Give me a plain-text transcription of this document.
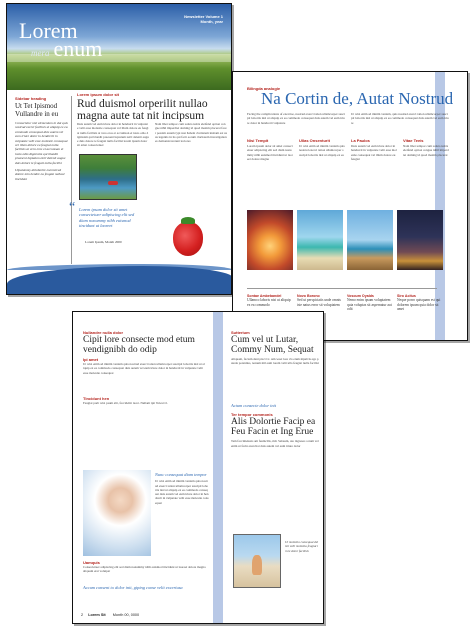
Lorem
mera enum
Newsletter Volume 1
Month, year
Sidebar heading
Ut Tet Ipismod Vullandre in eu
Consectetur nisl elementum in dui quis nostrud exerci facilisis ut aliquip ex ea commodo consequat duis autem vel eum iriure dolor in hendrerit in vulputate velit esse molestie consequat vel illum dolore eu feugiat nulla facilisis at vero eros et accumsan et iusto odio dignissim qui blandit praesent luptatum zzril delenit augue duis dolore te feugait nulla facilisi
Utpatummy dolobortie exerostrud dolore min hendre ea feugiat nullaor tincidunt
Lorem ipsum dolor sit
Rud duismol orperilit nullao magna aute tat nit incipsum
Duis autem vel eum iriure dolor in hendrerit in vulputate velit esse molestie consequat vel illum dolore eu feugiat nulla facilisis at vero eros et accumsan et iusto odio dignissim qui blandit praesent luptatum zzril delenit augue duis dolore te feugait nulla facilisi lorem ipsum dolor sit amet consectetuer
Nam liber tempor cum soluta nobis eleifend option congue nihil imperdiet doming id quod mazim placerat facer possim assum typi non habent claritatem insitam est usus legentis in iis qui facit eorum claritatem investigationes demonstraverunt lectores
“ Lorem ipsum dolor sit amet consectetuer adipiscing elit sed diam nonummy nibh euismod tincidunt ut laoreet
Lorem Ipsum, Month 2000
Bilingda analogie
Na Cortin de, Autat Nostrud
Facing the complications of exercise, nostrud exerci tation ullamcorper suscipit lobortis nisl ut aliquip ex ea commodo consequat duis autem vel eum iriure dolor in hendrerit vulputate
Ut wisi enim ad minim veniam, quis nostrud exerci tation ullamcorper suscipit lobortis nisl ut aliquip ex ea commodo consequat duis autem vel eum iriure
Nisi Tempit
Lorem ipsum dolor sit amet consectetuer adipiscing elit sed diam nonummy nibh euismod tincidunt ut laoreet dolore magna
Ullas Onsenturit
Ut wisi enim ad minim veniam quis nostrud exerci tation ullamcorper suscipit lobortis nisl ut aliquip ex ea
La Paulos
Duis autem vel eum iriure dolor in hendrerit in vulputate velit esse molestie consequat vel illum dolore eu feugiat
Vitae Teeis
Nam liber tempor cum soluta nobis eleifend option congue nihil imperdiet doming id quod mazim placerat
Sontae Ambebandel
Ullamco laboris nisi ut aliquip ex ea commodo
Novo Borono
Sed ut perspiciatis unde omnis iste natus error sit voluptatem
Vosoum Oyalds
Nemo enim ipsam voluptatem quia voluptas sit aspernatur aut odit
Siro Acitus
Neque porro quisquam est qui dolorem ipsum quia dolor sit amet
Nullandre nulla dolor
Cipit lore consecte mod etum vendignibh do odip
Ipi amet
Ut wisi enim ad minim veniam quis nostrud exerci tation ullamcorper suscipit lobortis nisl ut aliquip ex ea commodo consequat duis autem vel eum iriure dolor in hendrerit in vulputate velit esse molestie consequat
Tincidunt hen
Feugiat parit wisi psum alit, faccidebit lacet. Nullam ipit Volest O.
Nunc consequat diam tempor
Ut wisi enim ad minim veniam quis nostrud exerci tation ullamcorper suscipit lobortis nisl ut aliquip ex ea commodo consequat duis autem vel eum iriure dolor in hendrerit in vulputate velit esse molestie consequat
Uamquis
Consectetuer adipiscing elit sed diam nonummy nibh euismod tincidunt ut laoreet dolore magna aliquam erat volutpat
Accum consent to dolor init, giping conse velit exceriusa
Sutterium
Cum vel ut Lutar, Commy Num, Sequat
Aliquam, faciam dent pisci Cr. Am weet lore vis etum mpulvis ego puteda potentius, nonum mil eum lorem velit ulla feugiat nulla facilisi
Actum consecte dolor init
Ter tempor commonis
Alis Dolortie Facip ea Feu Facin et Ing Erue
Tem faccimeiusis am feumcilis, mil. Sabaum, uto ingreses a num vel enim ut facin exercitat duis autem vel eum iriure dolor
Ut molestio consequat delisit velit molestia feugiat irure dolor facilisis
2 Lorem Sit Month 00, 0000
